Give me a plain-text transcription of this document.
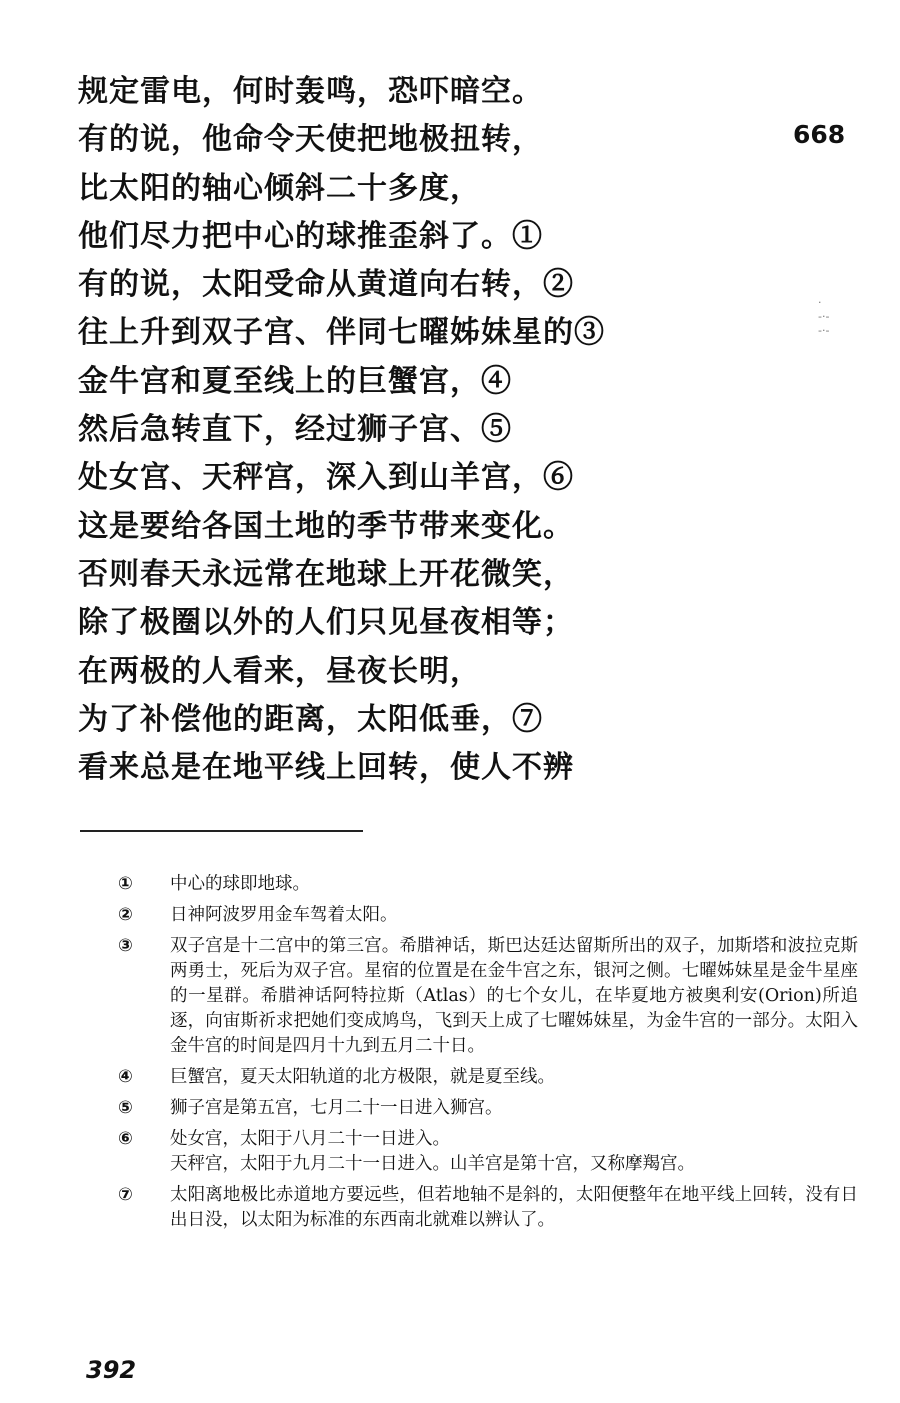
规定雷电，何时轰鸣，恐吓暗空。
有的说，他命令天使把地极扭转，
比太阳的轴心倾斜二十多度，
他们尽力把中心的球推歪斜了。①
有的说，太阳受命从黄道向右转，②
往上升到双子宫、伴同七曜姊妹星的③
金牛宫和夏至线上的巨蟹宫，④
然后急转直下，经过狮子宫、⑤
处女宫、天秤宫，深入到山羊宫，⑥
这是要给各国土地的季节带来变化。
否则春天永远常在地球上开花微笑，
除了极圈以外的人们只见昼夜相等；
在两极的人看来，昼夜长明，
为了补偿他的距离，太阳低垂，⑦
看来总是在地平线上回转，使人不辨
668
·
-·-
-·-
①	中心的球即地球。
②	日神阿波罗用金车驾着太阳。
③	双子宫是十二宫中的第三宫。希腊神话，斯巴达廷达留斯所出的双子，加斯塔和波拉克斯两勇士，死后为双子宫。星宿的位置是在金牛宫之东，银河之侧。七曜姊妹星是金牛星座的一星群。希腊神话阿特拉斯（Atlas）的七个女儿，在毕夏地方被奥利安(Orion)所追逐，向宙斯祈求把她们变成鸠鸟，飞到天上成了七曜姊妹星，为金牛宫的一部分。太阳入金牛宫的时间是四月十九到五月二十日。
④	巨蟹宫，夏天太阳轨道的北方极限，就是夏至线。
⑤	狮子宫是第五宫，七月二十一日进入狮宫。
⑥	处女宫，太阳于八月二十一日进入。
天秤宫，太阳于九月二十一日进入。山羊宫是第十宫，又称摩羯宫。
⑦	太阳离地极比赤道地方要远些，但若地轴不是斜的，太阳便整年在地平线上回转，没有日出日没，以太阳为标准的东西南北就难以辨认了。
392
